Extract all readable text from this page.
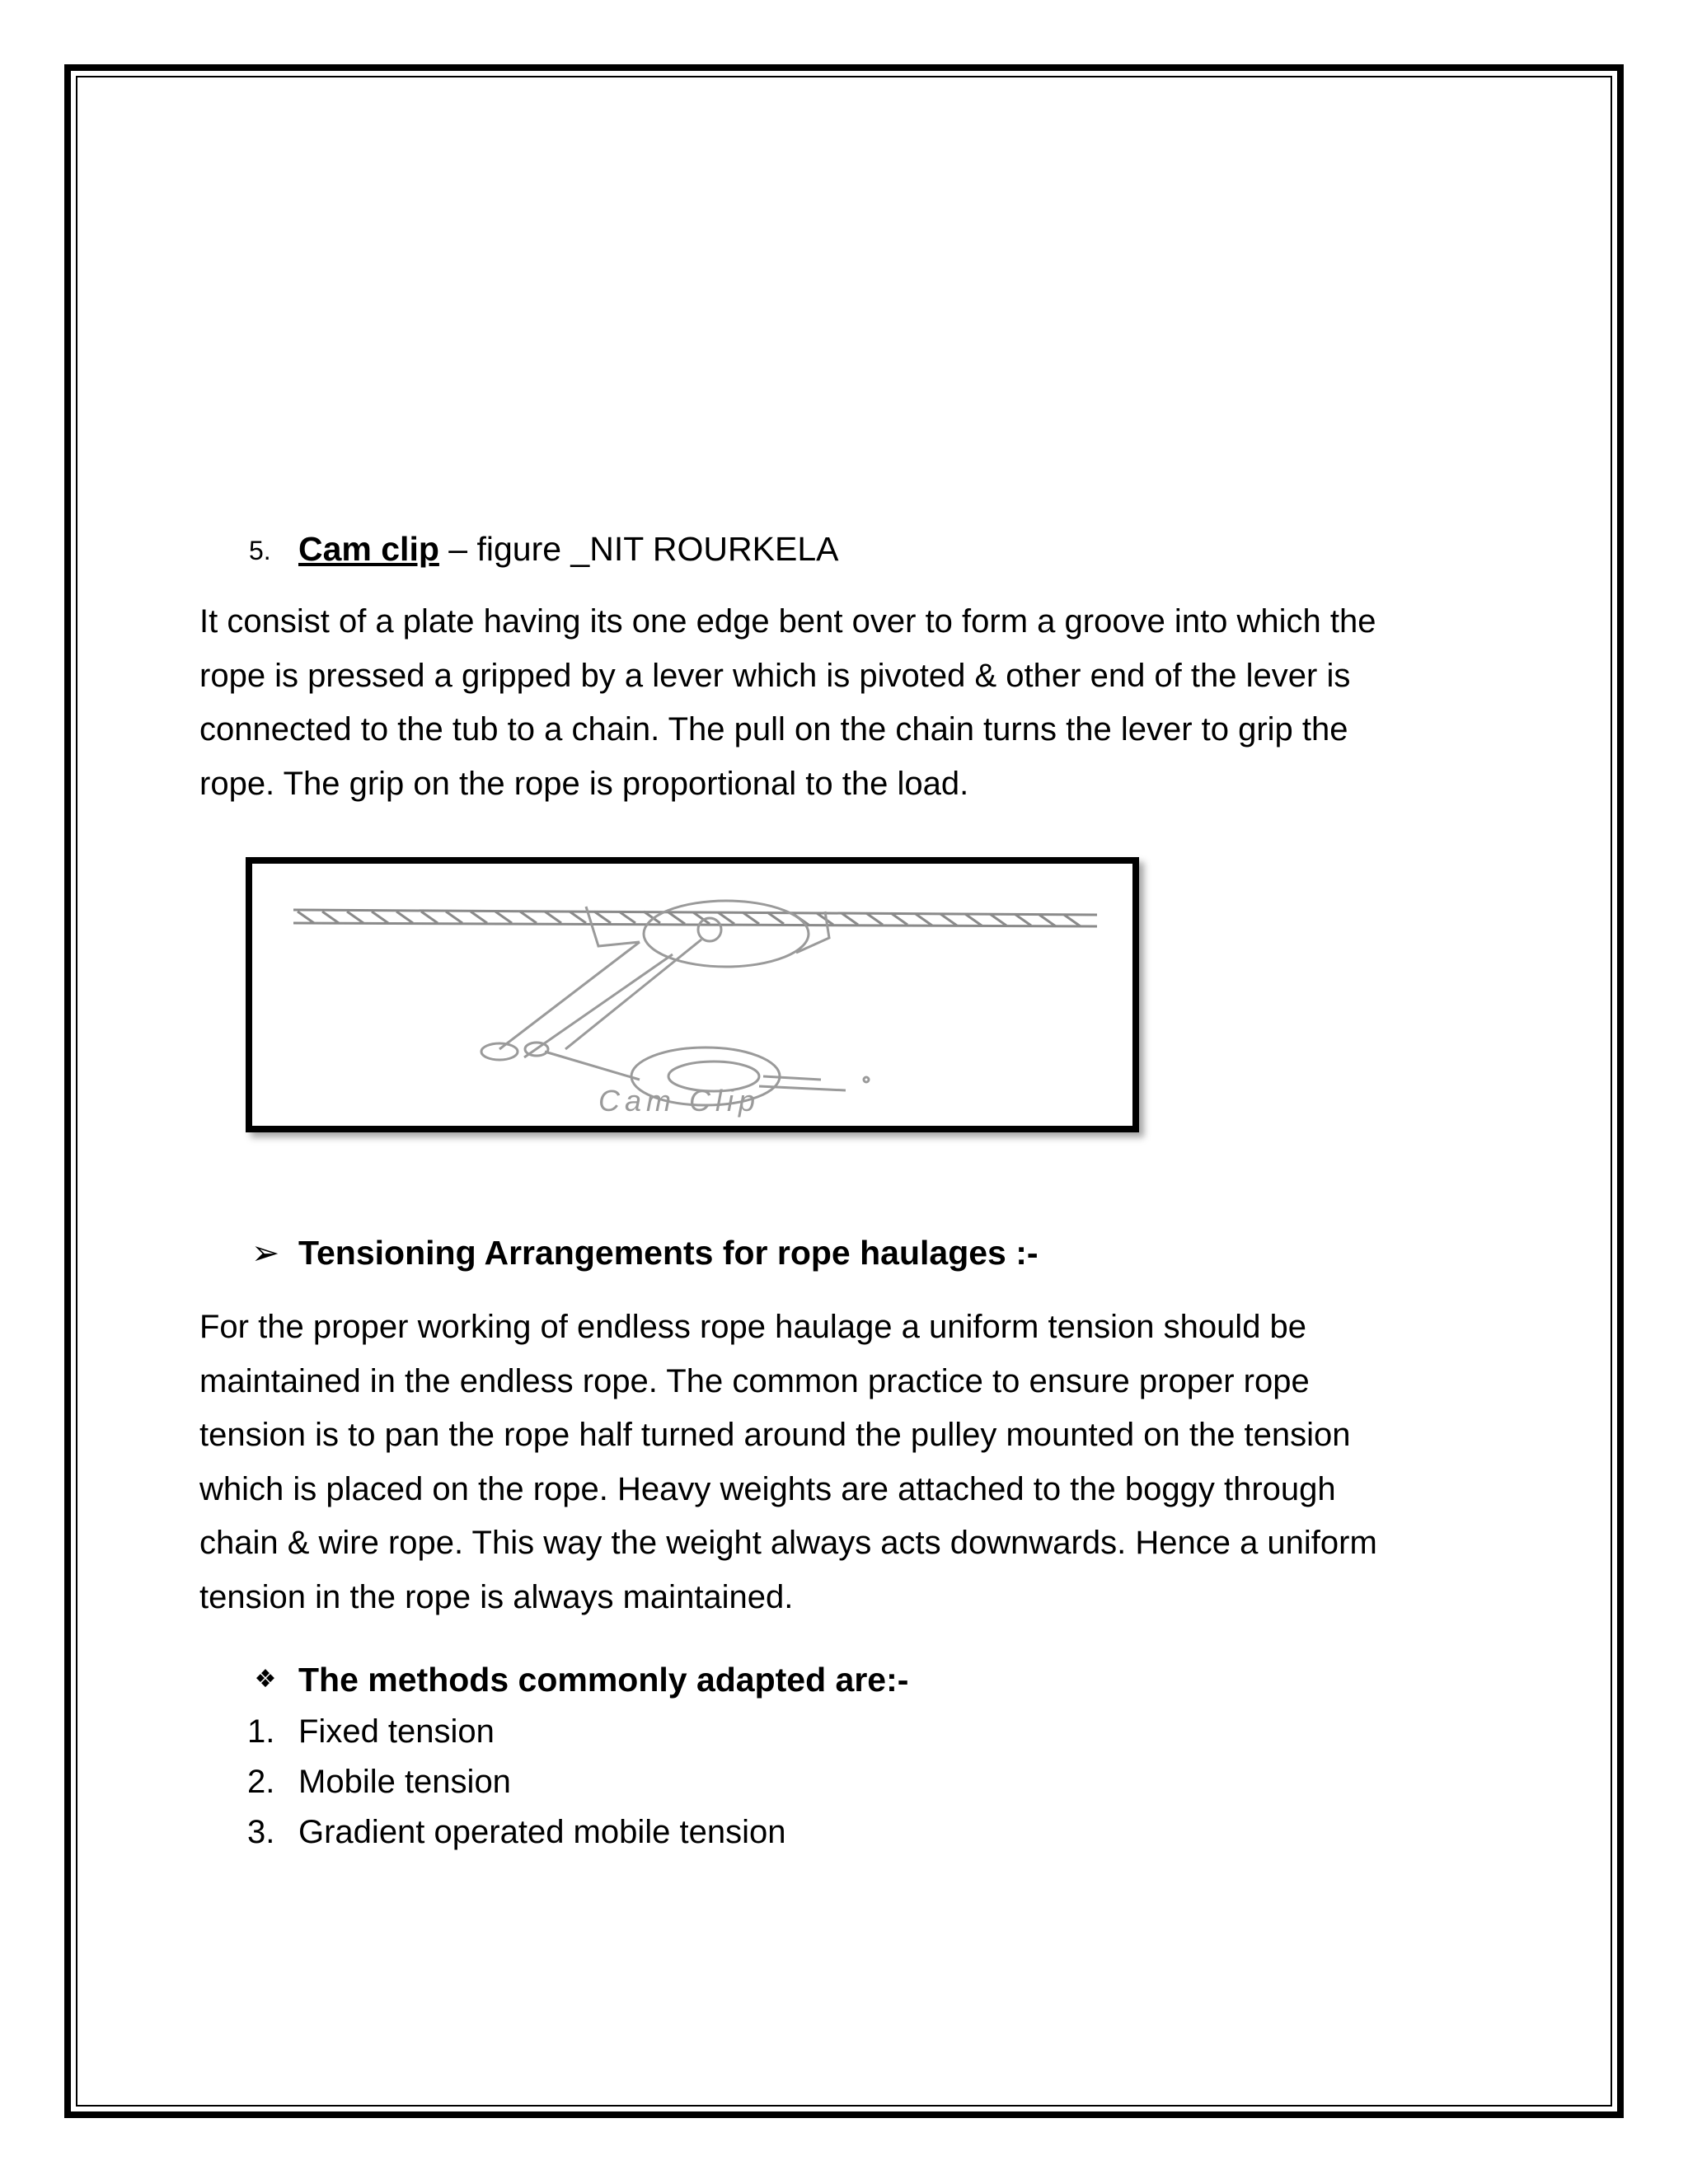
5. Cam clip – figure _NIT ROURKELA
It consist of a plate having its one edge bent over to form a groove into which the
rope is pressed a gripped by a lever which is pivoted & other end of the lever is
connected to the tub to a chain. The pull on the chain turns the lever to grip the
rope. The grip on the rope is proportional to the load.
Cam Clip
➢ Tensioning Arrangements for rope haulages :-
For the proper working of endless rope haulage a uniform tension should be
maintained in the endless rope. The common practice to ensure proper rope
tension is to pan the rope half turned around the pulley mounted on the tension
which is placed on the rope. Heavy weights are attached to the boggy through
chain & wire rope. This way the weight always acts downwards. Hence a uniform
tension in the rope is always maintained.
❖ The methods commonly adapted are:-
1. Fixed tension
2. Mobile tension
3. Gradient operated mobile tension
